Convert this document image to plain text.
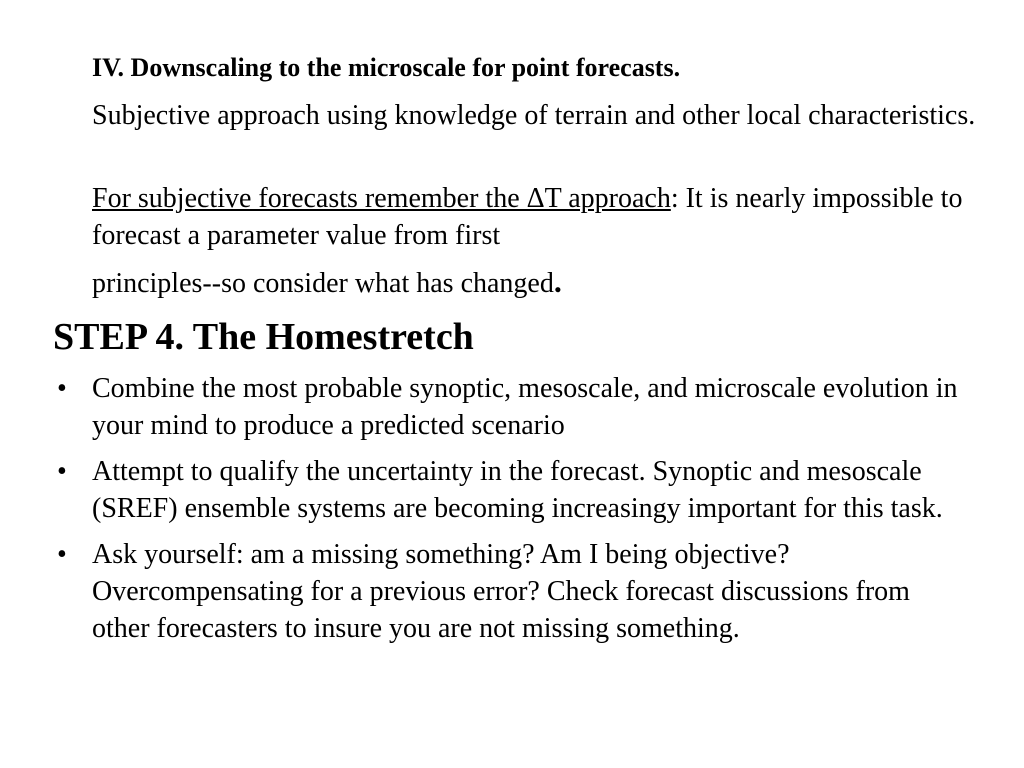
IV. Downscaling to the microscale for point forecasts.
Subjective approach using knowledge of terrain and other local characteristics.
For subjective forecasts remember the ΔT approach: It is nearly impossible to forecast a parameter value from first
principles--so consider what has changed.
STEP 4. The Homestretch
• Combine the most probable synoptic, mesoscale, and microscale evolution in your mind to produce a predicted scenario
• Attempt to qualify the uncertainty in the forecast. Synoptic and mesoscale (SREF) ensemble systems are becoming increasingy important for this task.
• Ask yourself: am a missing something? Am I being objective? Overcompensating for a previous error? Check forecast discussions from other forecasters to insure you are not missing something.
